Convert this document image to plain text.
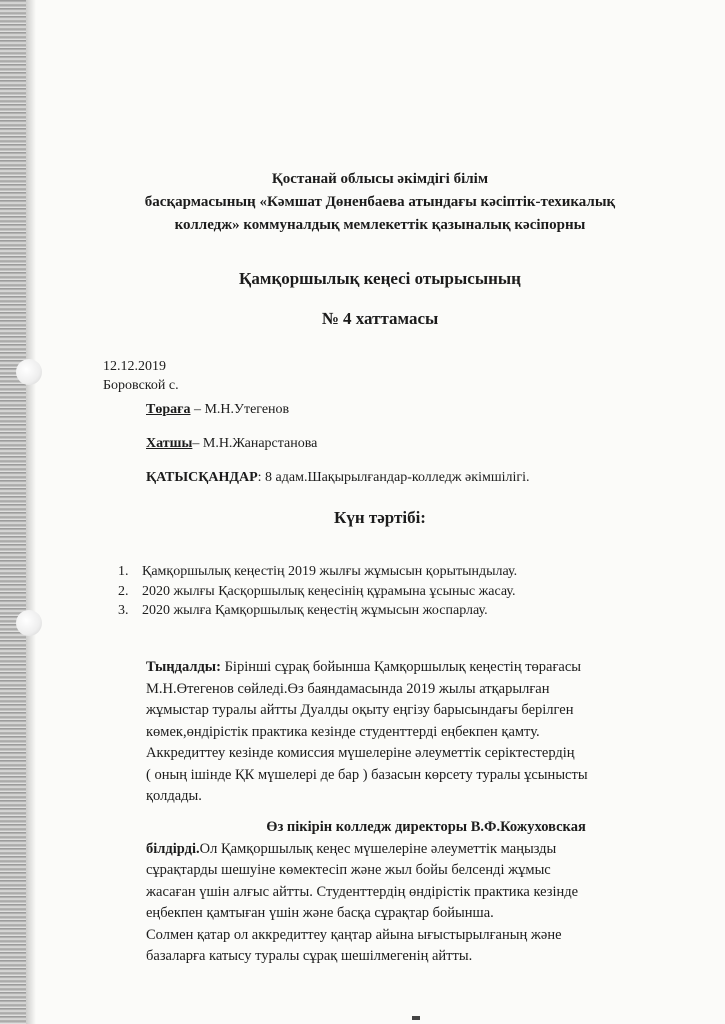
Қостанай облысы әкімдігі білім
басқармасының «Кәмшат Дөненбаева атындағы кәсіптік-техикалық
колледж» коммуналдық мемлекеттік қазыналық кәсіпорны
Қамқоршылық кеңесі отырысының
№ 4 хаттамасы
12.12.2019
Боровской с.
Төраға – М.Н.Утегенов
Хатшы– М.Н.Жанарстанова
ҚАТЫСҚАНДАР: 8 адам.Шақырылғандар-колледж әкімшілігі.
Күн тәртібі:
1. Қамқоршылық кеңестің 2019 жылғы жұмысын қорытындылау.
2. 2020 жылғы Қасқоршылық кеңесінің құрамына ұсыныс жасау.
3. 2020 жылға Қамқоршылық кеңестің жұмысын жоспарлау.
Тыңдалды: Бірінші сұрақ бойынша Қамқоршылық кеңестің төрағасы
М.Н.Өтегенов сөйледі.Өз баяндамасында 2019 жылы атқарылған
жұмыстар туралы айтты Дуалды оқыту еңгізу барысындағы берілген
көмек,өндірістік практика кезінде студенттерді еңбекпен қамту.
Аккредиттеу кезінде комиссия мүшелеріне әлеуметтік серіктестердің
( оның ішінде ҚК мүшелері де бар ) базасын көрсету туралы ұсынысты
қолдады.
Өз пікірін колледж директоры В.Ф.Кожуховская
білдірді.Ол Қамқоршылық кеңес мүшелеріне әлеуметтік маңызды
сұрақтарды шешуіне көмектесіп және жыл бойы белсенді жұмыс
жасаған үшін алғыс айтты. Студенттердің өндірістік практика кезінде
еңбекпен қамтыған үшін және басқа сұрақтар бойынша.
Солмен қатар ол аккредиттеу қаңтар айына ығыстырылғаның және
базаларға катысу туралы сұрақ шешілмегенің айтты.
